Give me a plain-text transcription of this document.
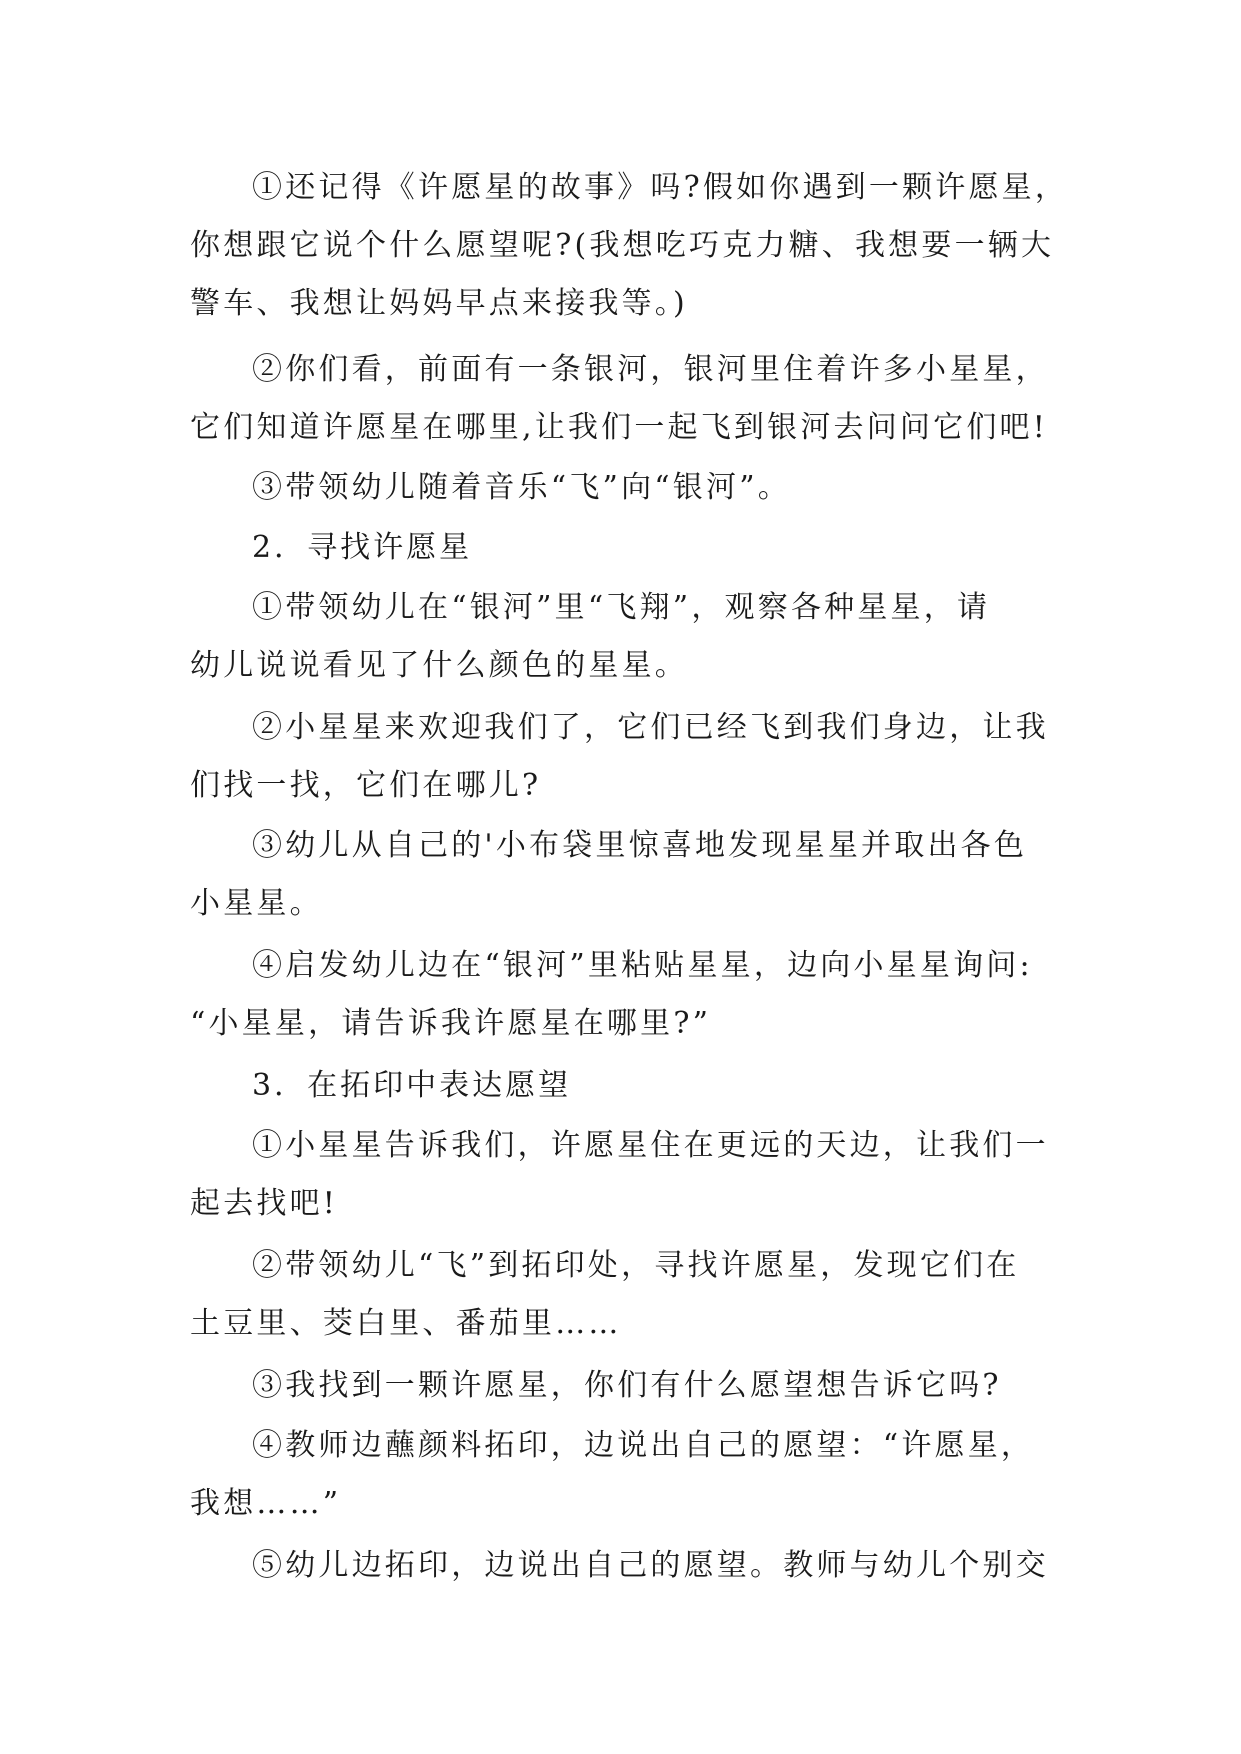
①还记得《许愿星的故事》吗?假如你遇到一颗许愿星，
你想跟它说个什么愿望呢?(我想吃巧克力糖、我想要一辆大
警车、我想让妈妈早点来接我等。)
②你们看，前面有一条银河，银河里住着许多小星星，
它们知道许愿星在哪里,让我们一起飞到银河去问问它们吧!
③带领幼儿随着音乐“飞”向“银河”。
2．寻找许愿星
①带领幼儿在“银河”里“飞翔”，观察各种星星，请
幼儿说说看见了什么颜色的星星。
②小星星来欢迎我们了，它们已经飞到我们身边，让我
们找一找，它们在哪儿?
③幼儿从自己的'小布袋里惊喜地发现星星并取出各色
小星星。
④启发幼儿边在“银河”里粘贴星星，边向小星星询问:
“小星星，请告诉我许愿星在哪里?”
3．在拓印中表达愿望
①小星星告诉我们，许愿星住在更远的天边，让我们一
起去找吧!
②带领幼儿“飞”到拓印处，寻找许愿星，发现它们在
土豆里、茭白里、番茄里……
③我找到一颗许愿星，你们有什么愿望想告诉它吗?
④教师边蘸颜料拓印，边说出自己的愿望：“许愿星，
我想……”
⑤幼儿边拓印，边说出自己的愿望。教师与幼儿个别交
